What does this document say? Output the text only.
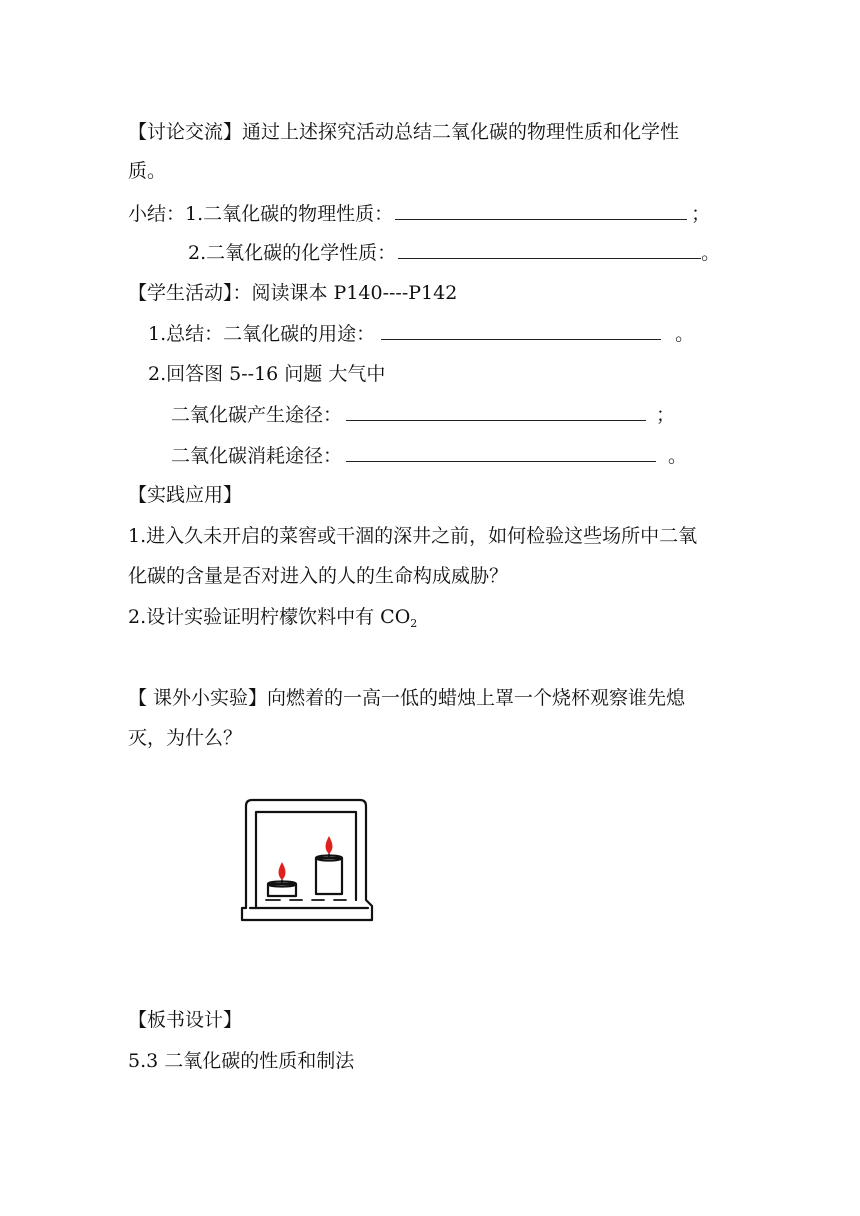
【讨论交流】通过上述探究活动总结二氧化碳的物理性质和化学性
质。
小结：1.二氧化碳的物理性质：	；
2.二氧化碳的化学性质：	。
【学生活动】：阅读课本 P140----P142
1.总结：二氧化碳的用途：	。
2.回答图 5--16 问题 大气中
二氧化碳产生途径：	；
二氧化碳消耗途径：	。
【实践应用】
1.进入久未开启的菜窖或干涸的深井之前，如何检验这些场所中二氧
化碳的含量是否对进入的人的生命构成威胁？
2.设计实验证明柠檬饮料中有 $CO_2$
【 课外小实验】向燃着的一高一低的蜡烛上罩一个烧杯观察谁先熄
灭，为什么？
【板书设计】
5.3 二氧化碳的性质和制法
